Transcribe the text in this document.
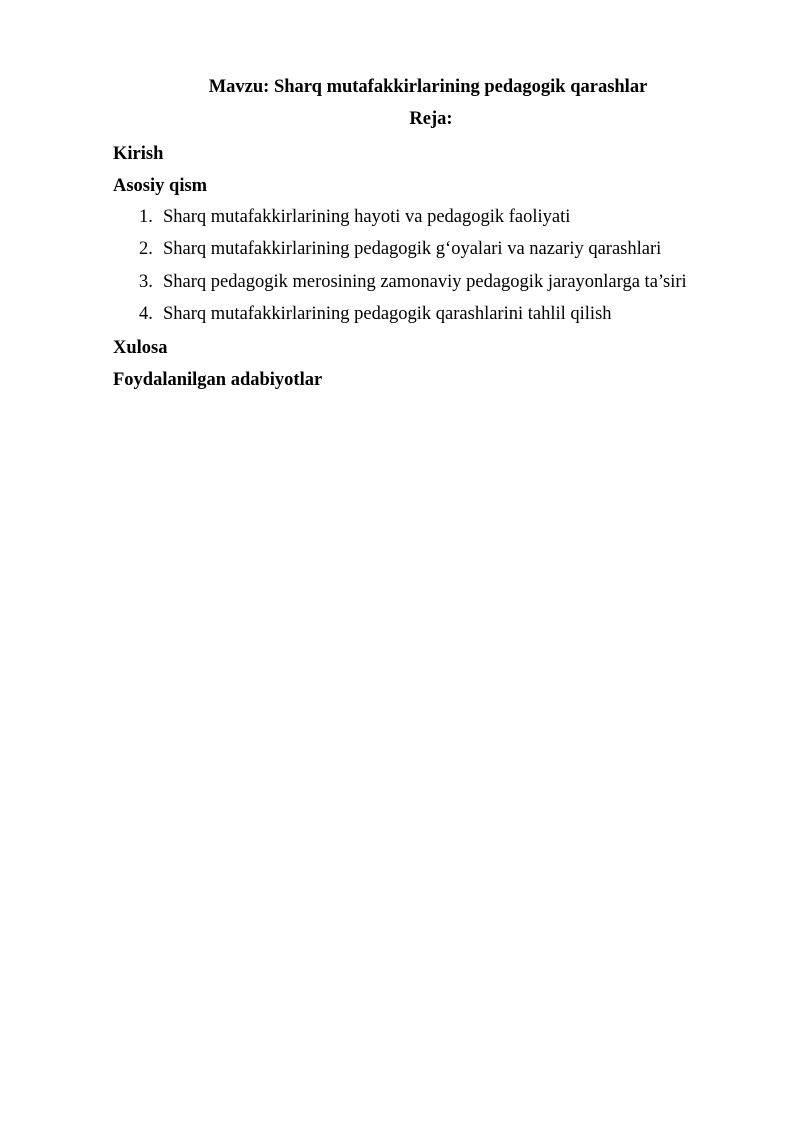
Mavzu: Sharq mutafakkirlarining pedagogik qarashlar
Reja:
Kirish
Asosiy qism
1. Sharq mutafakkirlarining hayoti va pedagogik faoliyati
2. Sharq mutafakkirlarining pedagogik g‘oyalari va nazariy qarashlari
3. Sharq pedagogik merosining zamonaviy pedagogik jarayonlarga ta’siri
4. Sharq mutafakkirlarining pedagogik qarashlarini tahlil qilish
Xulosa
Foydalanilgan adabiyotlar
